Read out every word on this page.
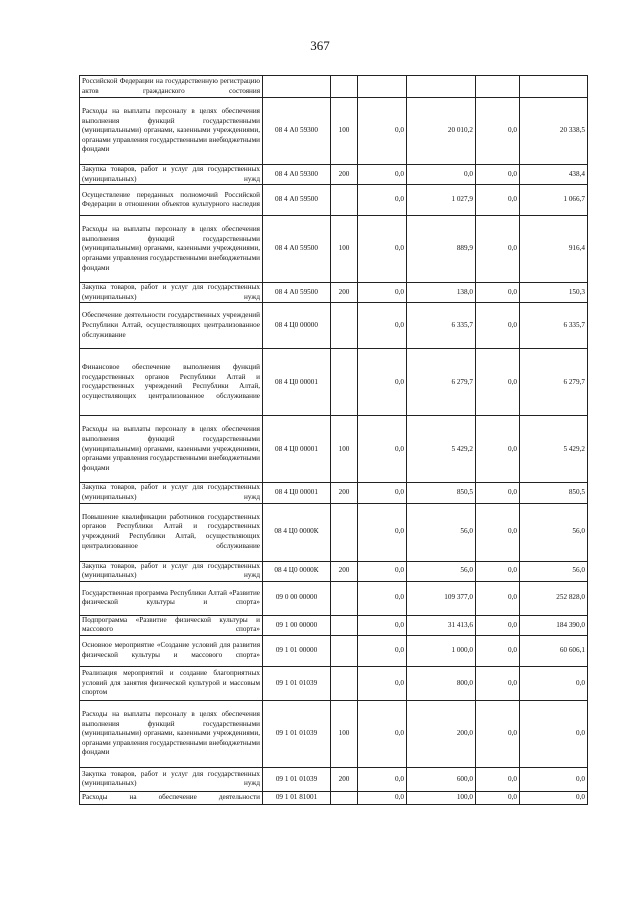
367
Российской Федерации на государственную регистрацию актов гражданского состояния						
Расходы на выплаты персоналу в целях обеспечения выполнения функций государственными (муниципальными) органами, казенными учреждениями, органами управления государственными внебюджетными фондами	08 4 А0 59300	100	0,0	20 010,2	0,0	20 338,5
Закупка товаров, работ и услуг для государственных (муниципальных) нужд	08 4 А0 59300	200	0,0	0,0	0,0	438,4
Осуществление переданных полномочий Российской Федерации в отношении объектов культурного наследия	08 4 А0 59500		0,0	1 027,9	0,0	1 066,7
Расходы на выплаты персоналу в целях обеспечения выполнения функций государственными (муниципальными) органами, казенными учреждениями, органами управления государственными внебюджетными фондами	08 4 А0 59500	100	0,0	889,9	0,0	916,4
Закупка товаров, работ и услуг для государственных (муниципальных) нужд	08 4 А0 59500	200	0,0	138,0	0,0	150,3
Обеспечение деятельности государственных учреждений Республики Алтай, осуществляющих централизованное обслуживание	08 4 Ц0 00000		0,0	6 335,7	0,0	6 335,7
Финансовое обеспечение выполнения функций государственных органов Республики Алтай и государственных учреждений Республики Алтай, осуществляющих централизованное обслуживание	08 4 Ц0 00001		0,0	6 279,7	0,0	6 279,7
Расходы на выплаты персоналу в целях обеспечения выполнения функций государственными (муниципальными) органами, казенными учреждениями, органами управления государственными внебюджетными фондами	08 4 Ц0 00001	100	0,0	5 429,2	0,0	5 429,2
Закупка товаров, работ и услуг для государственных (муниципальных) нужд	08 4 Ц0 00001	200	0,0	850,5	0,0	850,5
Повышение квалификации работников государственных органов Республики Алтай и государственных учреждений Республики Алтай, осуществляющих централизованное обслуживание	08 4 Ц0 0000К		0,0	56,0	0,0	56,0
Закупка товаров, работ и услуг для государственных (муниципальных) нужд	08 4 Ц0 0000К	200	0,0	56,0	0,0	56,0
Государственная программа Республики Алтай «Развитие физической культуры и спорта»	09 0 00 00000		0,0	109 377,0	0,0	252 828,0
Подпрограмма «Развитие физической культуры и массового спорта»	09 1 00 00000		0,0	31 413,6	0,0	184 390,0
Основное мероприятие «Создание условий для развития физической культуры и массового спорта»	09 1 01 00000		0,0	1 000,0	0,0	60 606,1
Реализация мероприятий и создание благоприятных условий для занятия физической культурой и массовым спортом	09 1 01 01039		0,0	800,0	0,0	0,0
Расходы на выплаты персоналу в целях обеспечения выполнения функций государственными (муниципальными) органами, казенными учреждениями, органами управления государственными внебюджетными фондами	09 1 01 01039	100	0,0	200,0	0,0	0,0
Закупка товаров, работ и услуг для государственных (муниципальных) нужд	09 1 01 01039	200	0,0	600,0	0,0	0,0
Расходы на обеспечение деятельности	09 1 01 81001		0,0	100,0	0,0	0,0
